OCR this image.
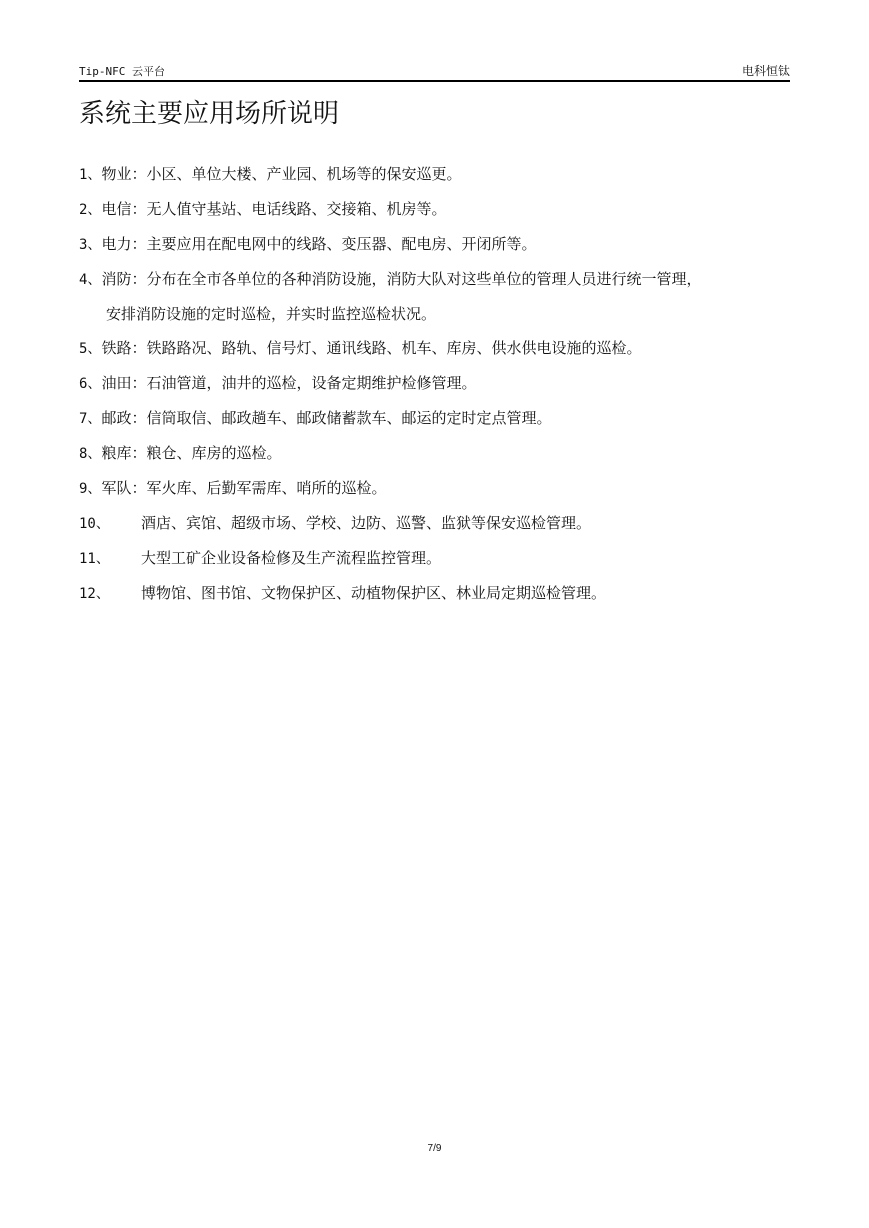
Tip-NFC 云平台	电科恒钛
系统主要应用场所说明
1、物业：小区、单位大楼、产业园、机场等的保安巡更。
2、电信：无人值守基站、电话线路、交接箱、机房等。
3、电力：主要应用在配电网中的线路、变压器、配电房、开闭所等。
4、消防：分布在全市各单位的各种消防设施，消防大队对这些单位的管理人员进行统一管理，
安排消防设施的定时巡检，并实时监控巡检状况。
5、铁路：铁路路况、路轨、信号灯、通讯线路、机车、库房、供水供电设施的巡检。
6、油田：石油管道，油井的巡检，设备定期维护检修管理。
7、邮政：信筒取信、邮政趟车、邮政储蓄款车、邮运的定时定点管理。
8、粮库：粮仓、库房的巡检。
9、军队：军火库、后勤军需库、哨所的巡检。
10、 酒店、宾馆、超级市场、学校、边防、巡警、监狱等保安巡检管理。
11、 大型工矿企业设备检修及生产流程监控管理。
12、 博物馆、图书馆、文物保护区、动植物保护区、林业局定期巡检管理。
7/9
